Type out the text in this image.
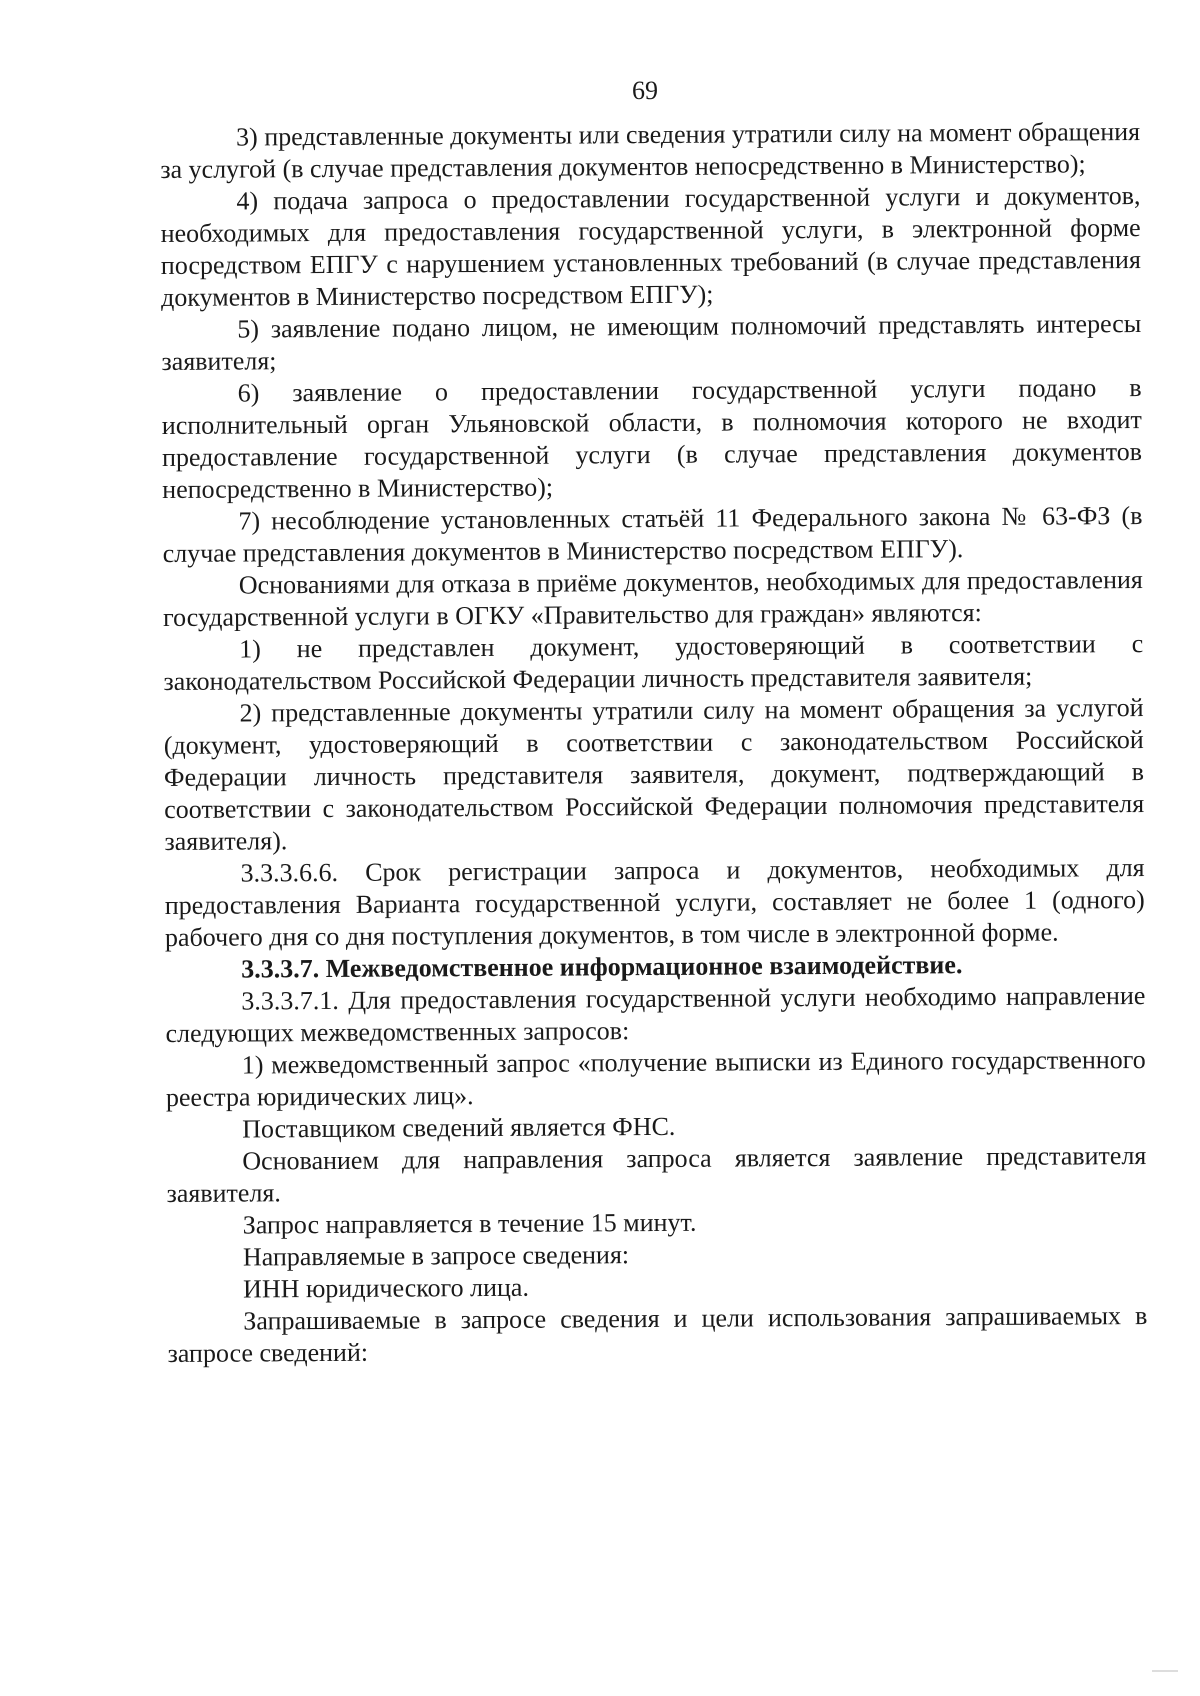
69

3) представленные документы или сведения утратили силу на момент обращения за услугой (в случае представления документов непосредственно в Министерство);

4) подача запроса о предоставлении государственной услуги и документов, необходимых для предоставления государственной услуги, в электронной форме посредством ЕПГУ с нарушением установленных требований (в случае представления документов в Министерство посредством ЕПГУ);

5) заявление подано лицом, не имеющим полномочий представлять интересы заявителя;

6) заявление о предоставлении государственной услуги подано в исполнительный орган Ульяновской области, в полномочия которого не входит предоставление государственной услуги (в случае представления документов непосредственно в Министерство);

7) несоблюдение установленных статьёй 11 Федерального закона № 63-ФЗ (в случае представления документов в Министерство посредством ЕПГУ).

Основаниями для отказа в приёме документов, необходимых для предоставления государственной услуги в ОГКУ «Правительство для граждан» являются:

1) не представлен документ, удостоверяющий в соответствии с законодательством Российской Федерации личность представителя заявителя;

2) представленные документы утратили силу на момент обращения за услугой (документ, удостоверяющий в соответствии с законодательством Российской Федерации личность представителя заявителя, документ, подтверждающий в соответствии с законодательством Российской Федерации полномочия представителя заявителя).

3.3.3.6.6. Срок регистрации запроса и документов, необходимых для предоставления Варианта государственной услуги, составляет не более 1 (одного) рабочего дня со дня поступления документов, в том числе в электронной форме.

3.3.3.7. Межведомственное информационное взаимодействие.

3.3.3.7.1. Для предоставления государственной услуги необходимо направление следующих межведомственных запросов:

1) межведомственный запрос «получение выписки из Единого государственного реестра юридических лиц».

Поставщиком сведений является ФНС.

Основанием для направления запроса является заявление представителя заявителя.

Запрос направляется в течение 15 минут.

Направляемые в запросе сведения:

ИНН юридического лица.

Запрашиваемые в запросе сведения и цели использования запрашиваемых в запросе сведений:
